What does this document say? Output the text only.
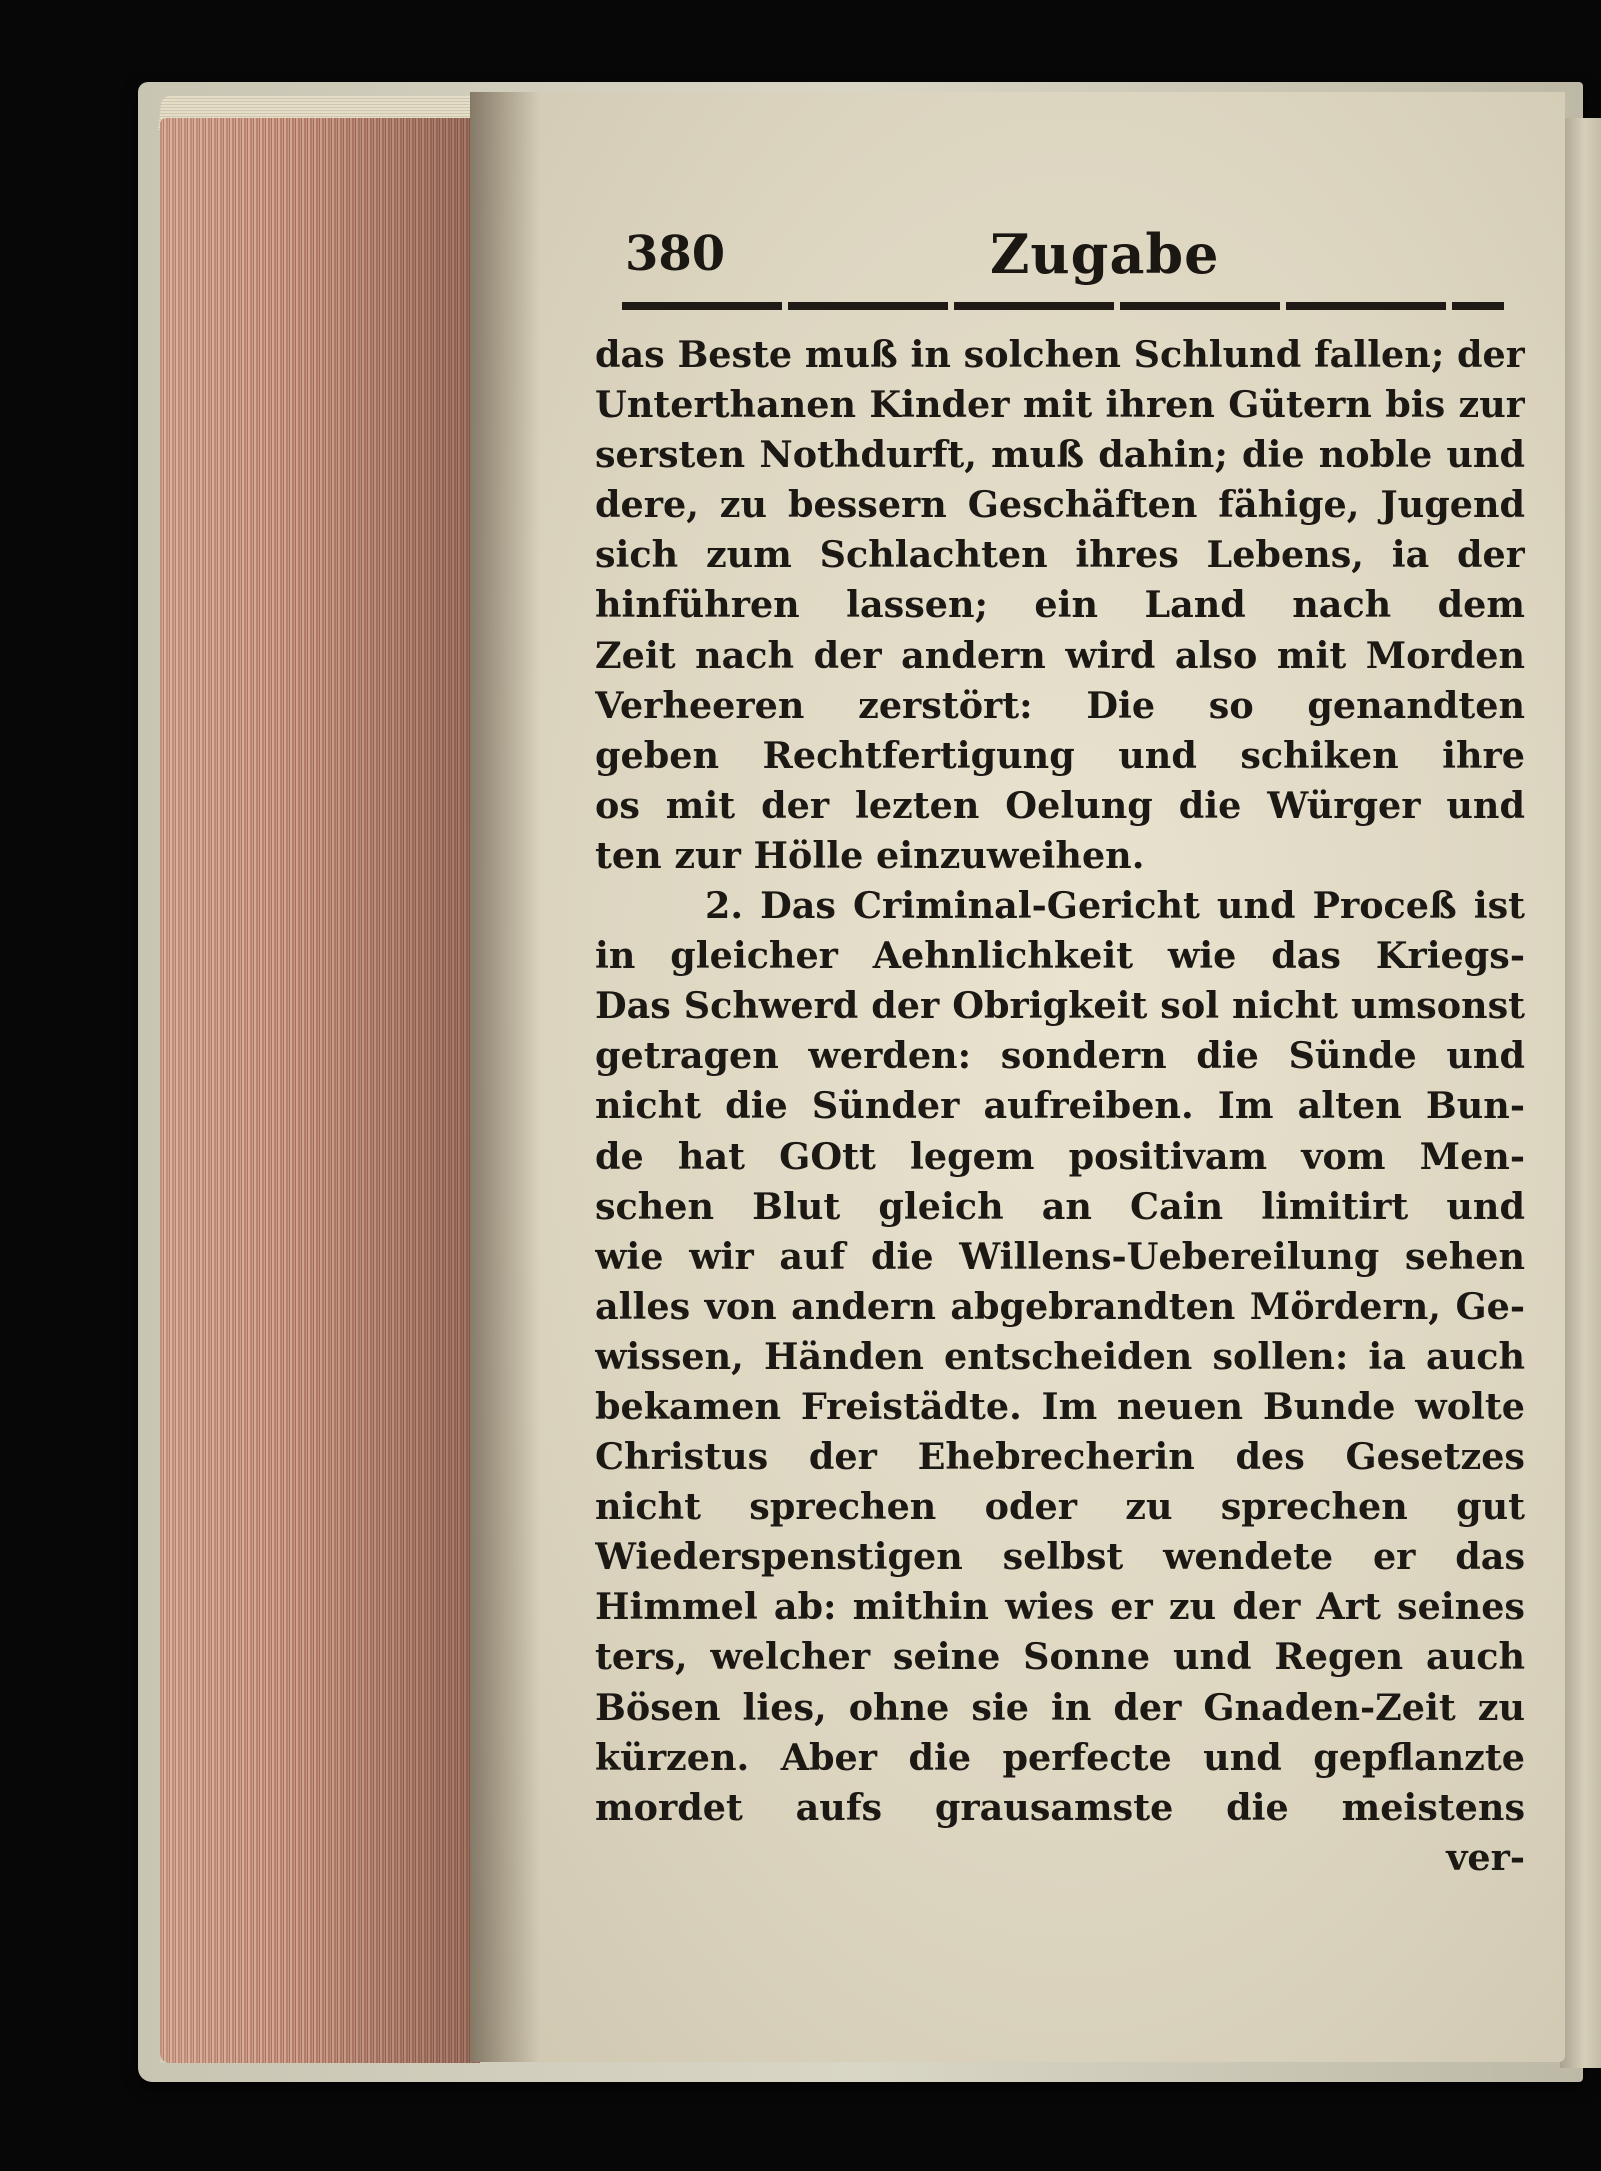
380	Zugabe
das Beste muß in solchen Schlund fallen; der
Unterthanen Kinder mit ihren Gütern bis zur
sersten Nothdurft, muß dahin; die noble und
dere, zu bessern Geschäften fähige, Jugend
sich zum Schlachten ihres Lebens, ia der
hinführen lassen; ein Land nach dem
Zeit nach der andern wird also mit Morden
Verheeren zerstört: Die so genandten
geben Rechtfertigung und schiken ihre
os mit der lezten Oelung die Würger und
ten zur Hölle einzuweihen.
2. Das Criminal-Gericht und Proceß ist
in gleicher Aehnlichkeit wie das Kriegs-
Das Schwerd der Obrigkeit sol nicht umsonst
getragen werden: sondern die Sünde und
nicht die Sünder aufreiben. Im alten Bun-
de hat GOtt legem positivam vom Men-
schen Blut gleich an Cain limitirt und
wie wir auf die Willens-Uebereilung sehen
alles von andern abgebrandten Mördern, Ge-
wissen, Händen entscheiden sollen: ia auch
bekamen Freistädte. Im neuen Bunde wolte
Christus der Ehebrecherin des Gesetzes
nicht sprechen oder zu sprechen gut
Wiederspenstigen selbst wendete er das
Himmel ab: mithin wies er zu der Art seines
ters, welcher seine Sonne und Regen auch
Bösen lies, ohne sie in der Gnaden-Zeit zu
kürzen. Aber die perfecte und gepflanzte
mordet aufs grausamste die meistens
ver-
